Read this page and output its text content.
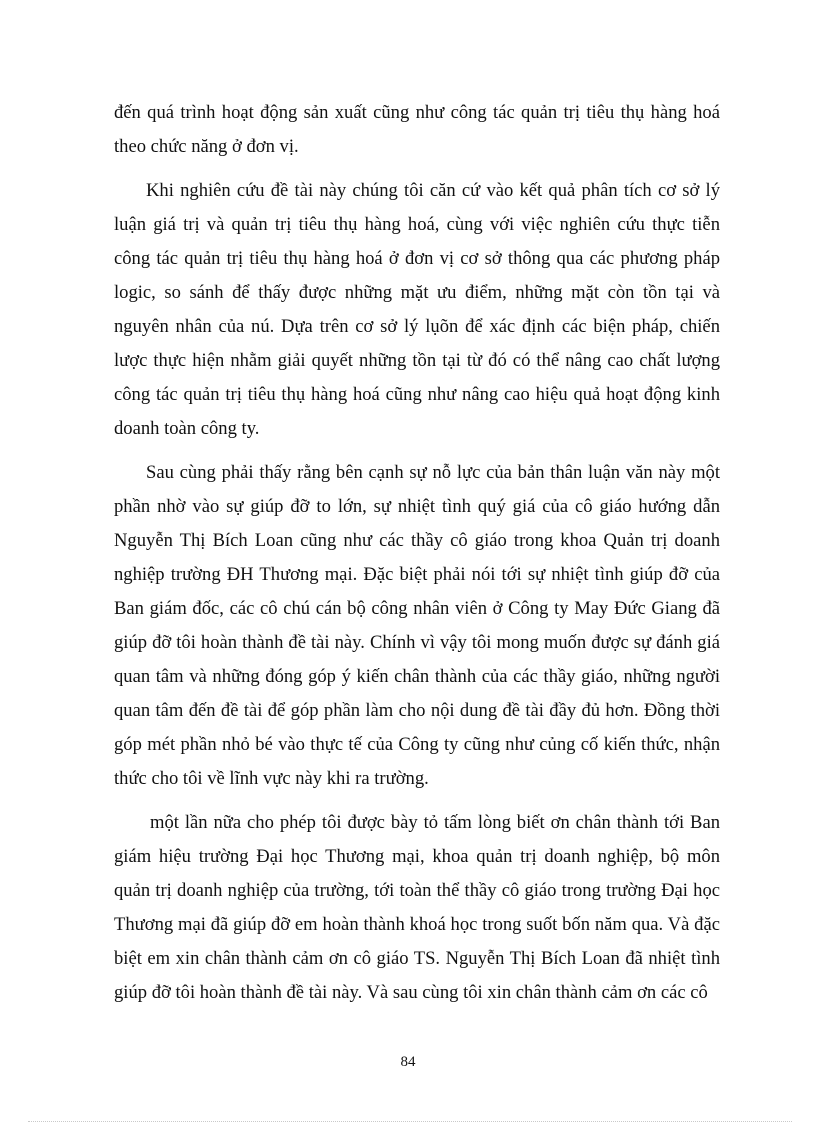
đến quá trình hoạt động sản xuất cũng như công tác quản trị tiêu thụ hàng hoá theo chức năng ở đơn vị.

Khi nghiên cứu đề tài này chúng tôi căn cứ vào kết quả phân tích cơ sở lý luận giá trị và quản trị tiêu thụ hàng hoá, cùng với việc nghiên cứu thực tiễn công tác quản trị tiêu thụ hàng hoá ở đơn vị cơ sở thông qua các phương pháp logic, so sánh để thấy được những mặt ưu điểm, những mặt còn tồn tại và nguyên nhân của nú. Dựa trên cơ sở lý lụõn để xác định các biện pháp, chiến lược thực hiện nhằm giải quyết những tồn tại từ đó có thể nâng cao chất lượng công tác quản trị tiêu thụ hàng hoá cũng như nâng cao hiệu quả hoạt động kinh doanh toàn công ty.

Sau cùng phải thấy rằng bên cạnh sự nỗ lực của bản thân luận văn này một phần nhờ vào sự giúp đỡ to lớn, sự nhiệt tình quý giá của cô giáo hướng dẫn Nguyễn Thị Bích Loan cũng như các thầy cô giáo trong khoa Quản trị doanh nghiệp trường ĐH Thương mại. Đặc biệt phải nói tới sự nhiệt tình giúp đỡ của Ban giám đốc, các cô chú cán bộ công nhân viên ở Công ty May Đức Giang đã giúp đỡ tôi hoàn thành đề tài này. Chính vì vậy tôi mong muốn được sự đánh giá quan tâm và những đóng góp ý kiến chân thành của các thầy giáo, những người quan tâm đến đề tài để góp phần làm cho nội dung đề tài đầy đủ hơn. Đồng thời góp mét phần nhỏ bé vào thực tế của Công ty cũng như củng cố kiến thức, nhận thức cho tôi về lĩnh vực này khi ra trường.

một lần nữa cho phép tôi được bày tỏ tấm lòng biết ơn chân thành tới Ban giám hiệu trường Đại học Thương mại, khoa quản trị doanh nghiệp, bộ môn quản trị doanh nghiệp của trường, tới toàn thể thầy cô giáo trong trường Đại học Thương mại đã giúp đỡ em hoàn thành khoá học trong suốt bốn năm qua. Và đặc biệt em xin chân thành cảm ơn cô giáo TS. Nguyễn Thị Bích Loan đã nhiệt tình giúp đỡ tôi hoàn thành đề tài này. Và sau cùng tôi xin chân thành cảm ơn các cô

84
